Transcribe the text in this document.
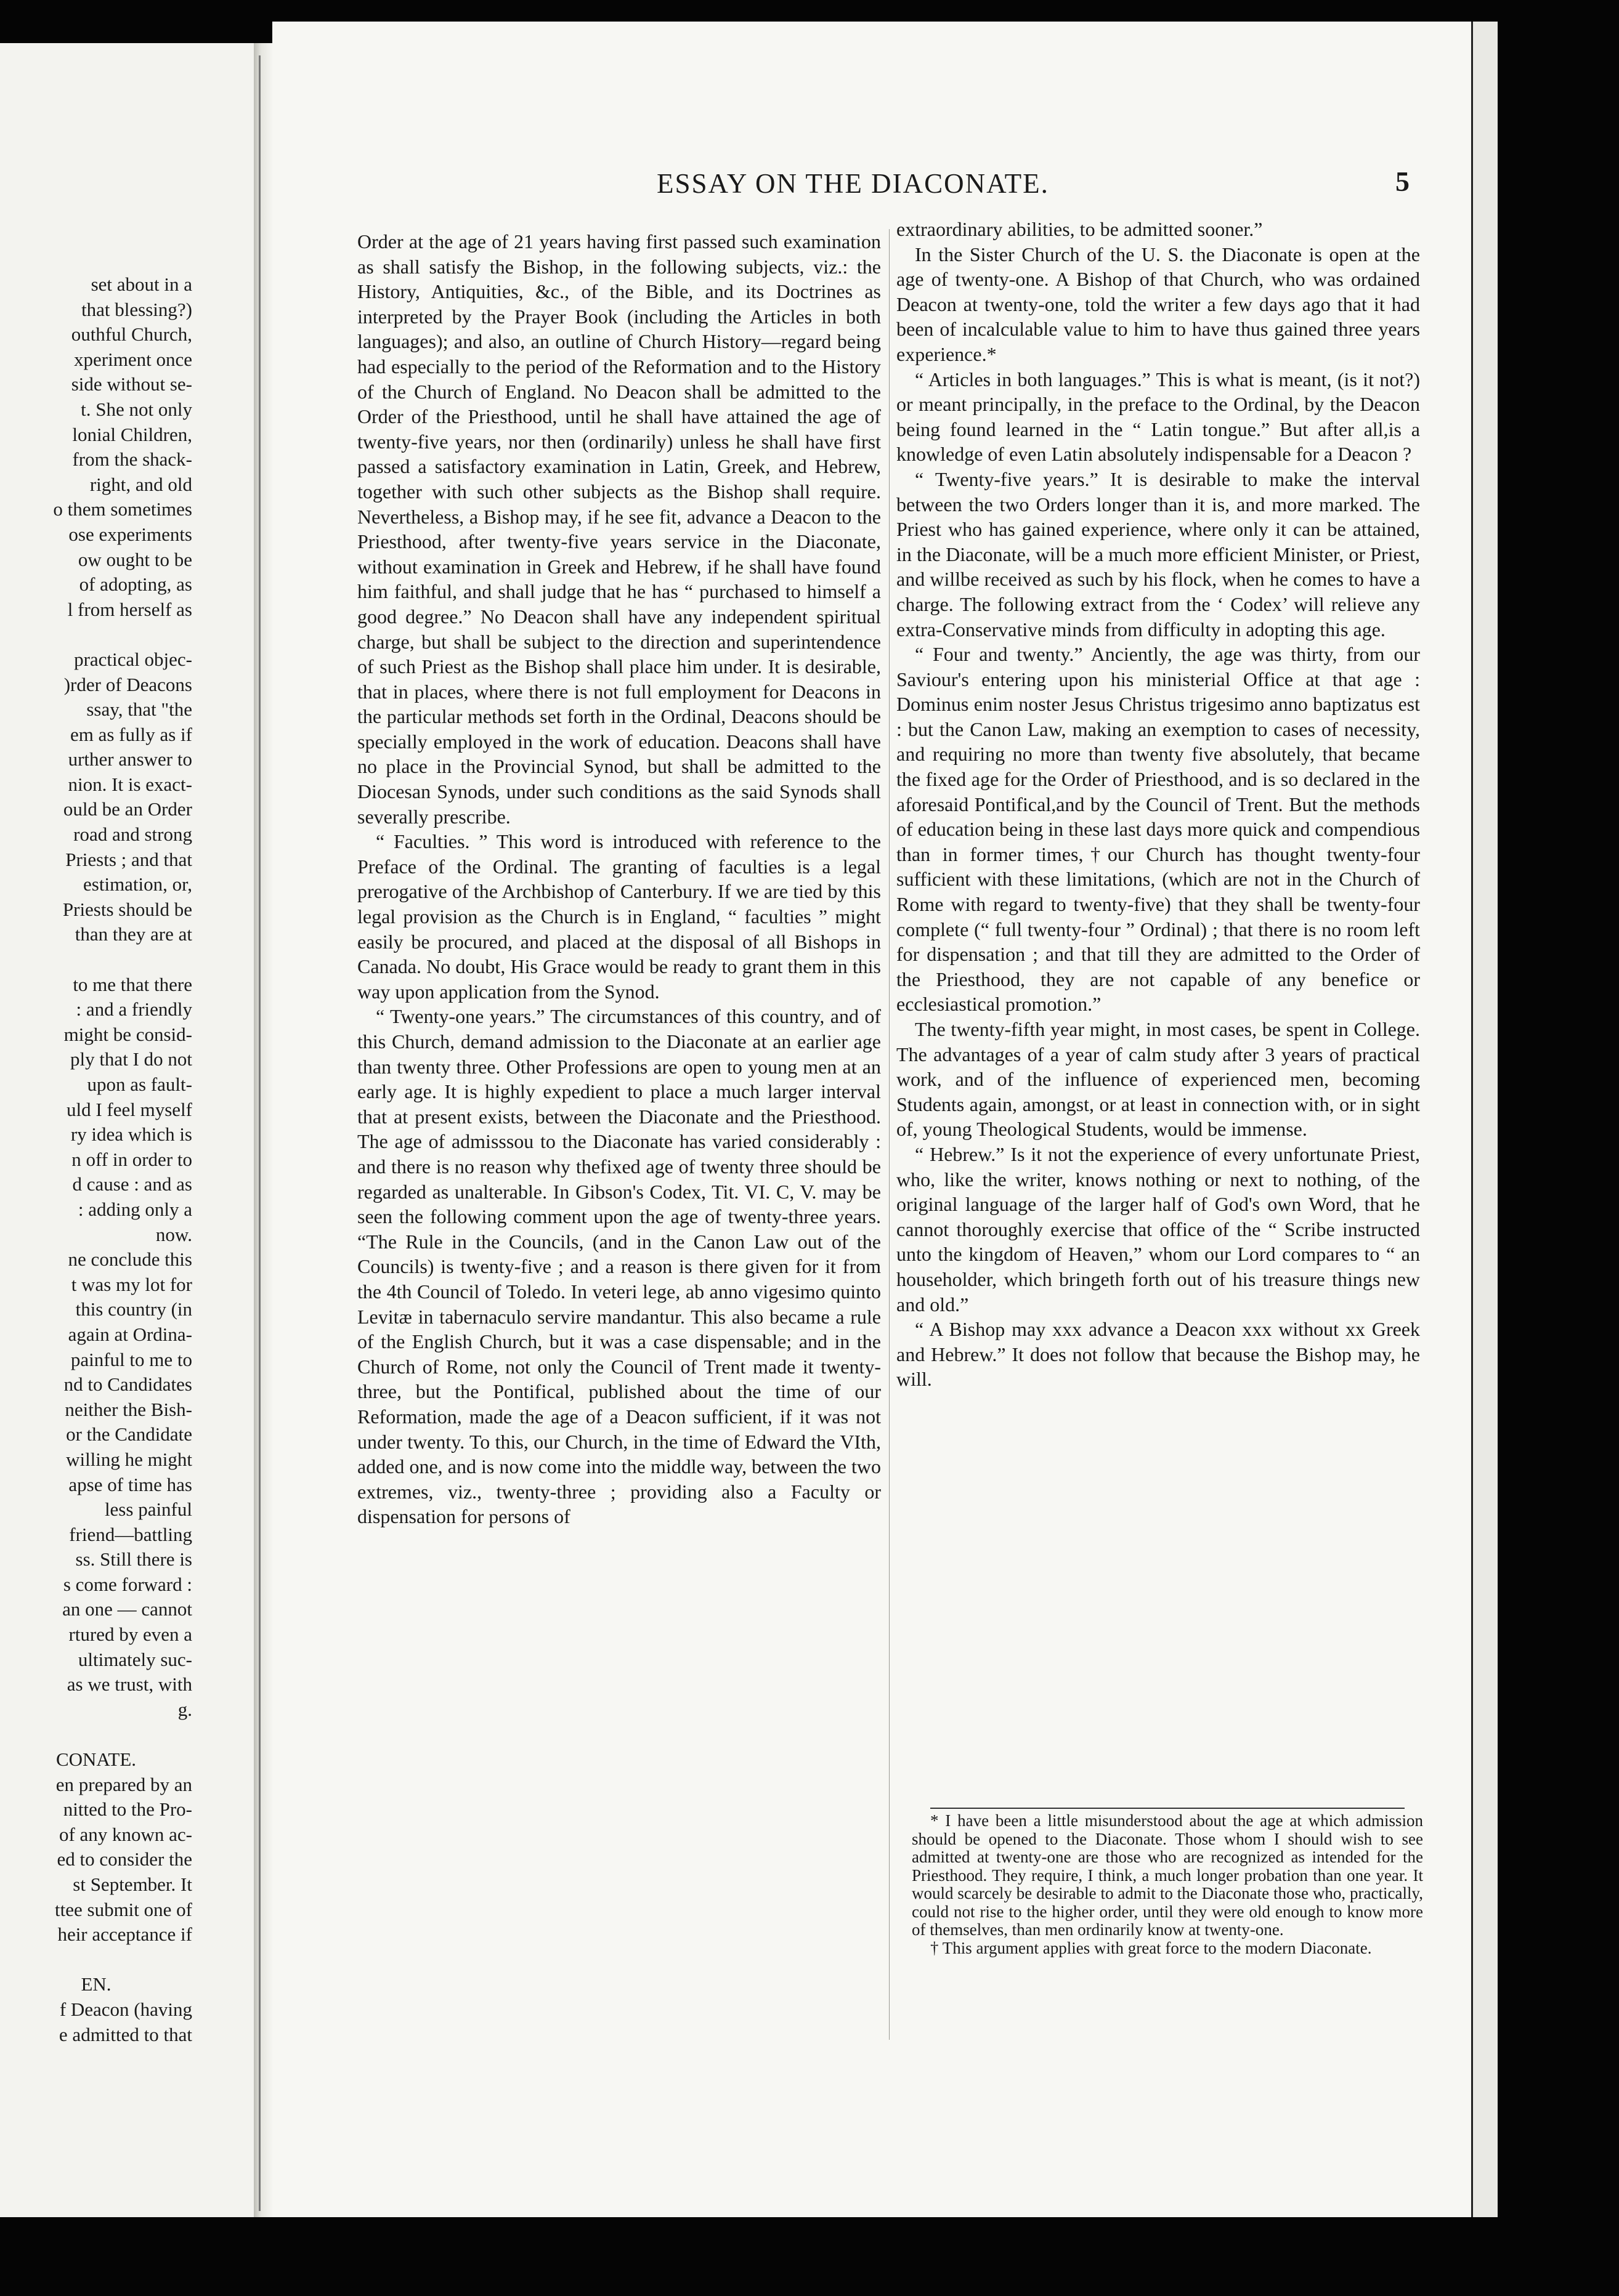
set about in a
that blessing?)
outhful Church,
xperiment once
side without se-
t. She not only
lonial Children,
from the shack-
right, and old
o them sometimes
ose experiments
ow ought to be
of adopting, as
l from herself as
practical objec-
)rder of Deacons
ssay, that "the
em as fully as if
urther answer to
nion. It is exact-
ould be an Order
road and strong
Priests ; and that
estimation, or,
Priests should be
than they are at
to me that there
: and a friendly
might be consid-
ply that I do not
upon as fault-
uld I feel myself
ry idea which is
n off in order to
d cause : and as
: adding only a
now.
ne conclude this
t was my lot for
this country (in
again at Ordina-
painful to me to
nd to Candidates
neither the Bish-
or the Candidate
willing he might
apse of time has
less painful
friend—battling
ss. Still there is
s come forward :
an one — cannot
rtured by even a
ultimately suc-
as we trust, with
g.
CONATE.
en prepared by an
nitted to the Pro-
of any known ac-
ed to consider the
st September. It
ttee submit one of
heir acceptance if
EN.
f Deacon (having
e admitted to that
ESSAY ON THE DIACONATE.	5

Order at the age of 21 years having first passed such examination as shall satisfy the Bishop, in the following subjects, viz.: the History, Antiquities, &c., of the Bible, and its Doctrines as interpreted by the Prayer Book (including the Articles in both languages); and also, an outline of Church History—regard being had especially to the period of the Reformation and to the History of the Church of England. No Deacon shall be admitted to the Order of the Priesthood, until he shall have attained the age of twenty-five years, nor then (ordinarily) unless he shall have first passed a satisfactory examination in Latin, Greek, and Hebrew, together with such other subjects as the Bishop shall require. Nevertheless, a Bishop may, if he see fit, advance a Deacon to the Priesthood, after twenty-five years service in the Diaconate, without examination in Greek and Hebrew, if he shall have found him faithful, and shall judge that he has “ purchased to himself a good degree.” No Deacon shall have any independent spiritual charge, but shall be subject to the direction and superintendence of such Priest as the Bishop shall place him under. It is desirable, that in places, where there is not full employment for Deacons in the particular methods set forth in the Ordinal, Deacons should be specially employed in the work of education. Deacons shall have no place in the Provincial Synod, but shall be admitted to the Diocesan Synods, under such conditions as the said Synods shall severally prescribe.

“ Faculties. ” This word is introduced with reference to the Preface of the Ordinal. The granting of faculties is a legal prerogative of the Archbishop of Canterbury. If we are tied by this legal provision as the Church is in England, “ faculties ” might easily be procured, and placed at the disposal of all Bishops in Canada. No doubt, His Grace would be ready to grant them in this way upon application from the Synod.

“ Twenty-one years.” The circumstances of this country, and of this Church, demand admission to the Diaconate at an earlier age than twenty three. Other Professions are open to young men at an early age. It is highly expedient to place a much larger interval that at present exists, between the Diaconate and the Priesthood. The age of admisssou to the Diaconate has varied considerably : and there is no reason why thefixed age of twenty three should be regarded as unalterable. In Gibson's Codex, Tit. VI. C, V. may be seen the following comment upon the age of twenty-three years. “The Rule in the Councils, (and in the Canon Law out of the Councils) is twenty-five ; and a reason is there given for it from the 4th Council of Toledo. In veteri lege, ab anno vigesimo quinto Levitæ in tabernaculo servire mandantur. This also became a rule of the English Church, but it was a case dispensable; and in the Church of Rome, not only the Council of Trent made it twenty-three, but the Pontifical, published about the time of our Reformation, made the age of a Deacon sufficient, if it was not under twenty. To this, our Church, in the time of Edward the VIth, added one, and is now come into the middle way, between the two extremes, viz., twenty-three ; providing also a Faculty or dispensation for persons of

extraordinary abilities, to be admitted sooner.”

In the Sister Church of the U. S. the Diaconate is open at the age of twenty-one. A Bishop of that Church, who was ordained Deacon at twenty-one, told the writer a few days ago that it had been of incalculable value to him to have thus gained three years experience.*

“ Articles in both languages.” This is what is meant, (is it not?) or meant principally, in the preface to the Ordinal, by the Deacon being found learned in the “ Latin tongue.” But after all,is a knowledge of even Latin absolutely indispensable for a Deacon ?

“ Twenty-five years.” It is desirable to make the interval between the two Orders longer than it is, and more marked. The Priest who has gained experience, where only it can be attained, in the Diaconate, will be a much more efficient Minister, or Priest, and willbe received as such by his flock, when he comes to have a charge. The following extract from the ‘ Codex’ will relieve any extra-Conservative minds from difficulty in adopting this age.

“ Four and twenty.” Anciently, the age was thirty, from our Saviour's entering upon his ministerial Office at that age : Dominus enim noster Jesus Christus trigesimo anno baptizatus est : but the Canon Law, making an exemption to cases of necessity, and requiring no more than twenty five absolutely, that became the fixed age for the Order of Priesthood, and is so declared in the aforesaid Pontifical,and by the Council of Trent. But the methods of education being in these last days more quick and compendious than in former times,†our Church has thought twenty-four sufficient with these limitations, (which are not in the Church of Rome with regard to twenty-five) that they shall be twenty-four complete (“ full twenty-four ” Ordinal) ; that there is no room left for dispensation ; and that till they are admitted to the Order of the Priesthood, they are not capable of any benefice or ecclesiastical promotion.”

The twenty-fifth year might, in most cases, be spent in College. The advantages of a year of calm study after 3 years of practical work, and of the influence of experienced men, becoming Students again, amongst, or at least in connection with, or in sight of, young Theological Students, would be immense.

“ Hebrew.” Is it not the experience of every unfortunate Priest, who, like the writer, knows nothing or next to nothing, of the original language of the larger half of God's own Word, that he cannot thoroughly exercise that office of the “ Scribe instructed unto the kingdom of Heaven,” whom our Lord compares to “ an householder, which bringeth forth out of his treasure things new and old.”

“ A Bishop may xxx advance a Deacon xxx without xx Greek and Hebrew.” It does not follow that because the Bishop may, he will.

* I have been a little misunderstood about the age at which admission should be opened to the Diaconate. Those whom I should wish to see admitted at twenty-one are those who are recognized as intended for the Priesthood. They require, I think, a much longer probation than one year. It would scarcely be desirable to admit to the Diaconate those who, practically, could not rise to the higher order, until they were old enough to know more of themselves, than men ordinarily know at twenty-one.

† This argument applies with great force to the modern Diaconate.
